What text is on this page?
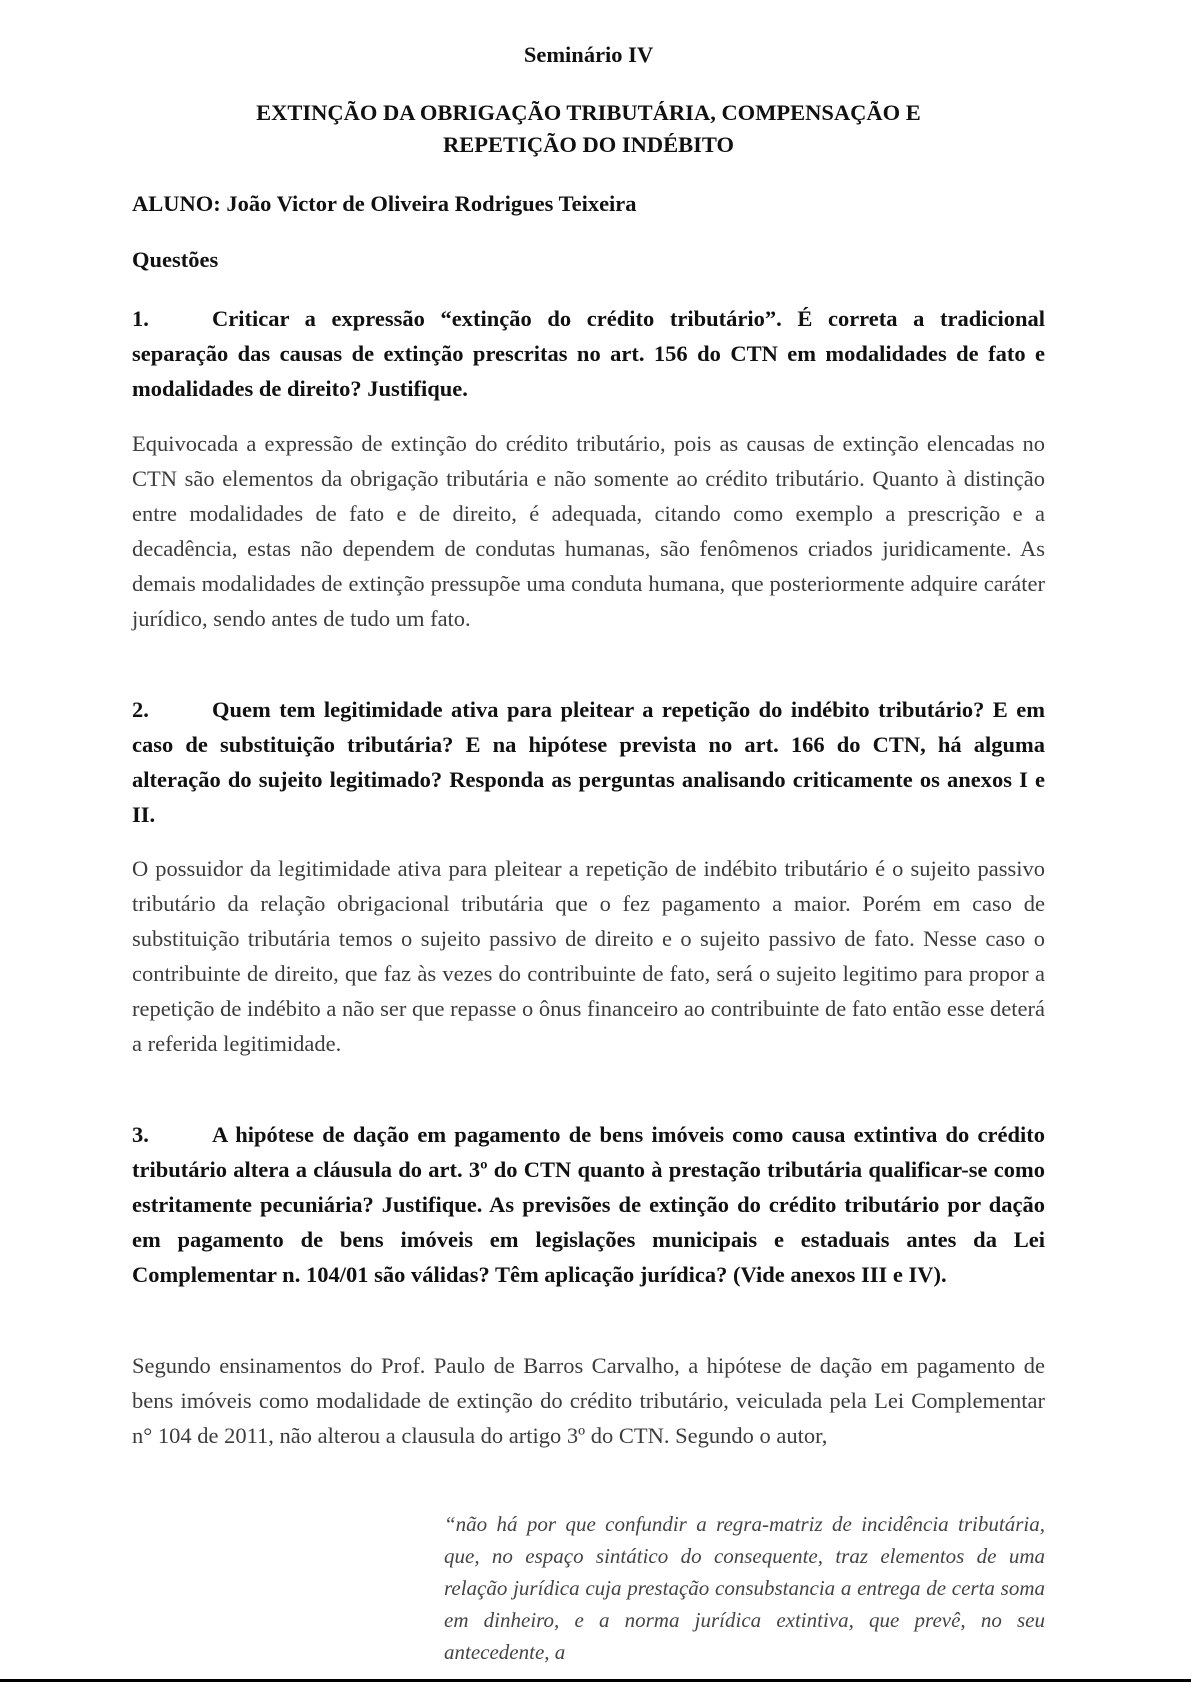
Seminário IV
EXTINÇÃO DA OBRIGAÇÃO TRIBUTÁRIA, COMPENSAÇÃO E
REPETIÇÃO DO INDÉBITO
ALUNO: João Victor de Oliveira Rodrigues Teixeira
Questões
1.	Criticar a expressão “extinção do crédito tributário”. É correta a tradicional separação das causas de extinção prescritas no art. 156 do CTN em modalidades de fato e modalidades de direito? Justifique.
Equivocada a expressão de extinção do crédito tributário, pois as causas de extinção elencadas no CTN são elementos da obrigação tributária e não somente ao crédito tributário. Quanto à distinção entre modalidades de fato e de direito, é adequada, citando como exemplo a prescrição e a decadência, estas não dependem de condutas humanas, são fenômenos criados juridicamente. As demais modalidades de extinção pressupõe uma conduta humana, que posteriormente adquire caráter jurídico, sendo antes de tudo um fato.
2.	Quem tem legitimidade ativa para pleitear a repetição do indébito tributário? E em caso de substituição tributária? E na hipótese prevista no art. 166 do CTN, há alguma alteração do sujeito legitimado? Responda as perguntas analisando criticamente os anexos I e II.
O possuidor da legitimidade ativa para pleitear a repetição de indébito tributário é o sujeito passivo tributário da relação obrigacional tributária que o fez pagamento a maior. Porém em caso de substituição tributária temos o sujeito passivo de direito e o sujeito passivo de fato. Nesse caso o contribuinte de direito, que faz às vezes do contribuinte de fato, será o sujeito legitimo para propor a repetição de indébito a não ser que repasse o ônus financeiro ao contribuinte de fato então esse deterá a referida legitimidade.
3.	A hipótese de dação em pagamento de bens imóveis como causa extintiva do crédito tributário altera a cláusula do art. 3º do CTN quanto à prestação tributária qualificar-se como estritamente pecuniária? Justifique. As previsões de extinção do crédito tributário por dação em pagamento de bens imóveis em legislações municipais e estaduais antes da Lei Complementar n. 104/01 são válidas? Têm aplicação jurídica? (Vide anexos III e IV).
Segundo ensinamentos do Prof. Paulo de Barros Carvalho, a hipótese de dação em pagamento de bens imóveis como modalidade de extinção do crédito tributário, veiculada pela Lei Complementar n° 104 de 2011, não alterou a clausula do artigo 3º do CTN. Segundo o autor,
“não há por que confundir a regra-matriz de incidência tributária, que, no espaço sintático do consequente, traz elementos de uma relação jurídica cuja prestação consubstancia a entrega de certa soma em dinheiro, e a norma jurídica extintiva, que prevê, no seu antecedente, a
